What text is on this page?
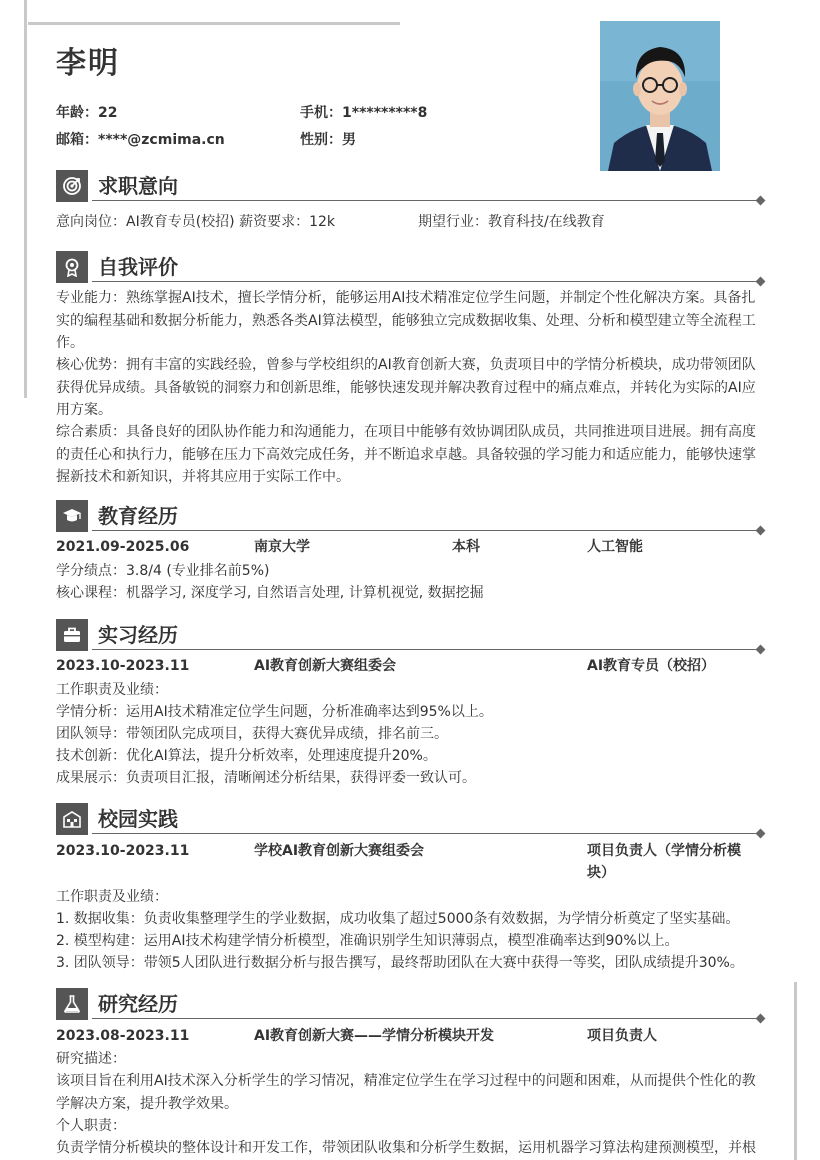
李明
年龄：22	手机：1*********8
邮箱：****@zcmima.cn	性别：男
求职意向
意向岗位：AI教育专员(校招) 薪资要求：12k	期望行业：教育科技/在线教育
自我评价
专业能力：熟练掌握AI技术，擅长学情分析，能够运用AI技术精准定位学生问题，并制定个性化解决方案。具备扎实的编程基础和数据分析能力，熟悉各类AI算法模型，能够独立完成数据收集、处理、分析和模型建立等全流程工作。
核心优势：拥有丰富的实践经验，曾参与学校组织的AI教育创新大赛，负责项目中的学情分析模块，成功带领团队获得优异成绩。具备敏锐的洞察力和创新思维，能够快速发现并解决教育过程中的痛点难点，并转化为实际的AI应用方案。
综合素质：具备良好的团队协作能力和沟通能力，在项目中能够有效协调团队成员，共同推进项目进展。拥有高度的责任心和执行力，能够在压力下高效完成任务，并不断追求卓越。具备较强的学习能力和适应能力，能够快速掌握新技术和新知识，并将其应用于实际工作中。
教育经历
2021.09-2025.06	南京大学	本科	人工智能
学分绩点：3.8/4 (专业排名前5%)
核心课程：机器学习, 深度学习, 自然语言处理, 计算机视觉, 数据挖掘
实习经历
2023.10-2023.11	AI教育创新大赛组委会	AI教育专员（校招）
工作职责及业绩：
学情分析：运用AI技术精准定位学生问题，分析准确率达到95%以上。
团队领导：带领团队完成项目，获得大赛优异成绩，排名前三。
技术创新：优化AI算法，提升分析效率，处理速度提升20%。
成果展示：负责项目汇报，清晰阐述分析结果，获得评委一致认可。
校园实践
2023.10-2023.11	学校AI教育创新大赛组委会	项目负责人（学情分析模块）
工作职责及业绩：
1. 数据收集：负责收集整理学生的学业数据，成功收集了超过5000条有效数据，为学情分析奠定了坚实基础。
2. 模型构建：运用AI技术构建学情分析模型，准确识别学生知识薄弱点，模型准确率达到90%以上。
3. 团队领导：带领5人团队进行数据分析与报告撰写，最终帮助团队在大赛中获得一等奖，团队成绩提升30%。
研究经历
2023.08-2023.11	AI教育创新大赛——学情分析模块开发	项目负责人
研究描述：
该项目旨在利用AI技术深入分析学生的学习情况，精准定位学生在学习过程中的问题和困难，从而提供个性化的教学解决方案，提升教学效果。
个人职责：
负责学情分析模块的整体设计和开发工作，带领团队收集和分析学生数据，运用机器学习算法构建预测模型，并根
